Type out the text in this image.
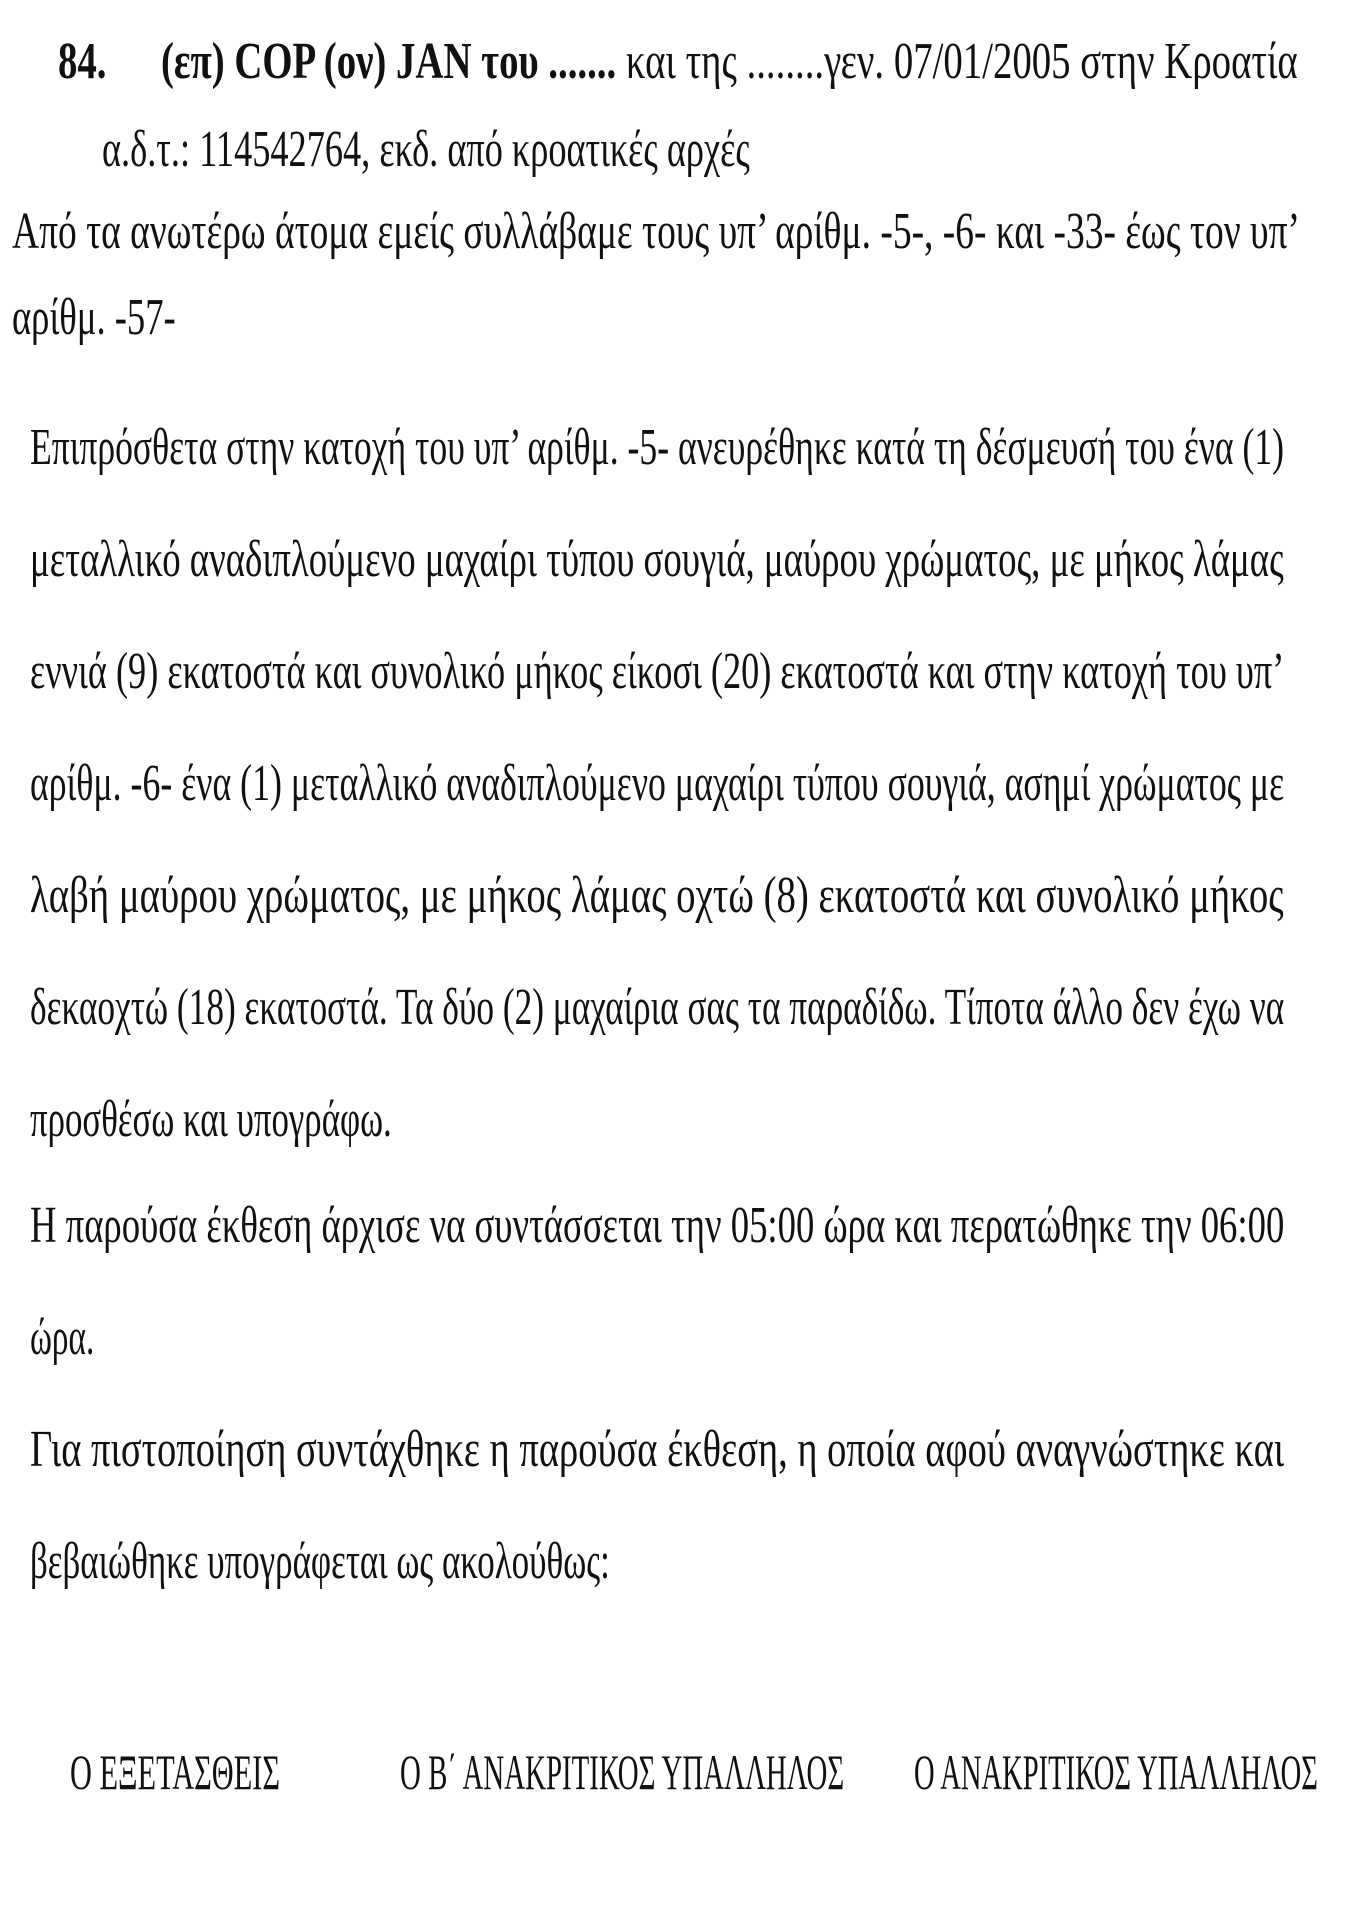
84. (επ) COP (ον) JAN του ....... και της ........γεν. 07/01/2005 στην Κροατία
α.δ.τ.: 114542764, εκδ. από κροατικές αρχές
Από τα ανωτέρω άτομα εμείς συλλάβαμε τους υπ’ αρίθμ. -5-, -6- και -33- έως τον υπ’
αρίθμ. -57-
Επιπρόσθετα στην κατοχή του υπ’ αρίθμ. -5- ανευρέθηκε κατά τη δέσμευσή του ένα (1)
μεταλλικό αναδιπλούμενο μαχαίρι τύπου σουγιά, μαύρου χρώματος, με μήκος λάμας
εννιά (9) εκατοστά και συνολικό μήκος είκοσι (20) εκατοστά και στην κατοχή του υπ’
αρίθμ. -6- ένα (1) μεταλλικό αναδιπλούμενο μαχαίρι τύπου σουγιά, ασημί χρώματος με
λαβή μαύρου χρώματος, με μήκος λάμας οχτώ (8) εκατοστά και συνολικό μήκος
δεκαοχτώ (18) εκατοστά. Τα δύο (2) μαχαίρια σας τα παραδίδω. Τίποτα άλλο δεν έχω να
προσθέσω και υπογράφω.
Η παρούσα έκθεση άρχισε να συντάσσεται την 05:00 ώρα και περατώθηκε την 06:00
ώρα.
Για πιστοποίηση συντάχθηκε η παρούσα έκθεση, η οποία αφού αναγνώστηκε και
βεβαιώθηκε υπογράφεται ως ακολούθως:
Ο ΕΞΕΤΑΣΘΕΙΣ	Ο Β΄ ΑΝΑΚΡΙΤΙΚΟΣ ΥΠΑΛΛΗΛΟΣ	Ο ΑΝΑΚΡΙΤΙΚΟΣ ΥΠΑΛΛΗΛΟΣ
